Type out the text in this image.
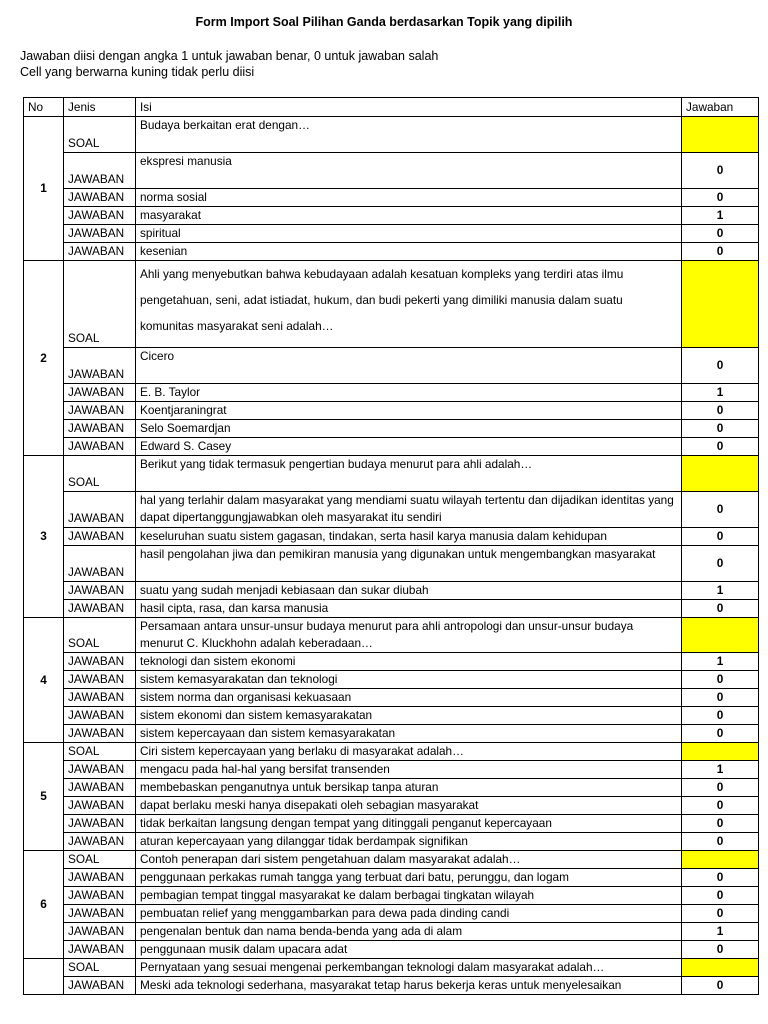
Form Import Soal Pilihan Ganda berdasarkan Topik yang dipilih
Jawaban diisi dengan angka 1 untuk jawaban benar, 0 untuk jawaban salah
Cell yang berwarna kuning tidak perlu diisi
No	Jenis	Isi	Jawaban
1	SOAL	Budaya berkaitan erat dengan…	
	JAWABAN	ekspresi manusia	0
	JAWABAN	norma sosial	0
	JAWABAN	masyarakat	1
	JAWABAN	spiritual	0
	JAWABAN	kesenian	0
2	SOAL	Ahli yang menyebutkan bahwa kebudayaan adalah kesatuan kompleks yang terdiri atas ilmu pengetahuan, seni, adat istiadat, hukum, dan budi pekerti yang dimiliki manusia dalam suatu komunitas masyarakat seni adalah…	
	JAWABAN	Cicero	0
	JAWABAN	E. B. Taylor	1
	JAWABAN	Koentjaraningrat	0
	JAWABAN	Selo Soemardjan	0
	JAWABAN	Edward S. Casey	0
3	SOAL	Berikut yang tidak termasuk pengertian budaya menurut para ahli adalah…	
	JAWABAN	hal yang terlahir dalam masyarakat yang mendiami suatu wilayah tertentu dan dijadikan identitas yang dapat dipertanggungjawabkan oleh masyarakat itu sendiri	0
	JAWABAN	keseluruhan suatu sistem gagasan, tindakan, serta hasil karya manusia dalam kehidupan	0
	JAWABAN	hasil pengolahan jiwa dan pemikiran manusia yang digunakan untuk mengembangkan masyarakat	0
	JAWABAN	suatu yang sudah menjadi kebiasaan dan sukar diubah	1
	JAWABAN	hasil cipta, rasa, dan karsa manusia	0
4	SOAL	Persamaan antara unsur-unsur budaya menurut para ahli antropologi dan unsur-unsur budaya menurut C. Kluckhohn adalah keberadaan…	
	JAWABAN	teknologi dan sistem ekonomi	1
	JAWABAN	sistem kemasyarakatan dan teknologi	0
	JAWABAN	sistem norma dan organisasi kekuasaan	0
	JAWABAN	sistem ekonomi dan sistem kemasyarakatan	0
	JAWABAN	sistem kepercayaan dan sistem kemasyarakatan	0
5	SOAL	Ciri sistem kepercayaan yang berlaku di masyarakat adalah…	
	JAWABAN	mengacu pada hal-hal yang bersifat transenden	1
	JAWABAN	membebaskan penganutnya untuk bersikap tanpa aturan	0
	JAWABAN	dapat berlaku meski hanya disepakati oleh sebagian masyarakat	0
	JAWABAN	tidak berkaitan langsung dengan tempat yang ditinggali penganut kepercayaan	0
	JAWABAN	aturan kepercayaan yang dilanggar tidak berdampak signifikan	0
6	SOAL	Contoh penerapan dari sistem pengetahuan dalam masyarakat adalah…	
	JAWABAN	penggunaan perkakas rumah tangga yang terbuat dari batu, perunggu, dan logam	0
	JAWABAN	pembagian tempat tinggal masyarakat ke dalam berbagai tingkatan wilayah	0
	JAWABAN	pembuatan relief yang menggambarkan para dewa pada dinding candi	0
	JAWABAN	pengenalan bentuk dan nama benda-benda yang ada di alam	1
	JAWABAN	penggunaan musik dalam upacara adat	0
	SOAL	Pernyataan yang sesuai mengenai perkembangan teknologi dalam masyarakat adalah…	
	JAWABAN	Meski ada teknologi sederhana, masyarakat tetap harus bekerja keras untuk menyelesaikan	0
